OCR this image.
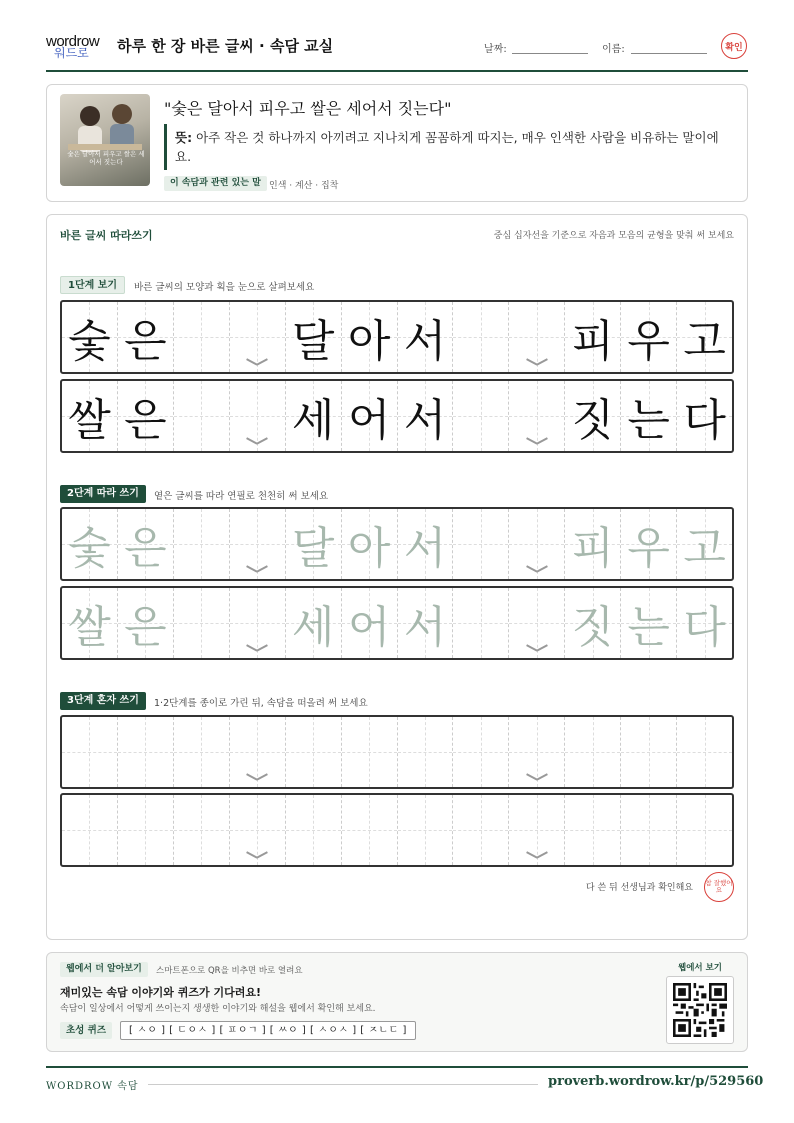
wordrow
워드로	하루 한 장 바른 글씨 · 속담 교실	날짜:	이름:	확인
숯은 달아서 피우고 쌀은 세어서 짓는다
"숯은 달아서 피우고 쌀은 세어서 짓는다"
뜻: 아주 작은 것 하나까지 아끼려고 지나치게 꼼꼼하게 따지는, 매우 인색한 사람을 비유하는 말이에요.
이 속담과 관련 있는 말 인색 · 계산 · 집착
바른 글씨 따라쓰기	중심 십자선을 기준으로 자음과 모음의 균형을 맞춰 써 보세요
1단계 보기	바른 글씨의 모양과 획을 눈으로 살펴보세요
숯 은	달 아 서	피 우 고
쌀 은	세 어 서	짓 는 다
2단계 따라 쓰기	옅은 글씨를 따라 연필로 천천히 써 보세요
숯 은	달 아 서	피 우 고
쌀 은	세 어 서	짓 는 다
3단계 혼자 쓰기	1·2단계를 종이로 가린 뒤, 속담을 떠올려 써 보세요
다 쓴 뒤 선생님과 확인해요 참 잘했어요
웹에서 더 알아보기	스마트폰으로 QR을 비추면 바로 열려요
재미있는 속담 이야기와 퀴즈가 기다려요!
속담이 일상에서 어떻게 쓰이는지 생생한 이야기와 해설을 웹에서 확인해 보세요.
초성 퀴즈	[ ㅅㅇ ] [ ㄷㅇㅅ ] [ ㅍㅇㄱ ] [ ㅆㅇ ] [ ㅅㅇㅅ ] [ ㅈㄴㄷ ]
웹에서 보기
WORDROW 속담	proverb.wordrow.kr/p/529560
